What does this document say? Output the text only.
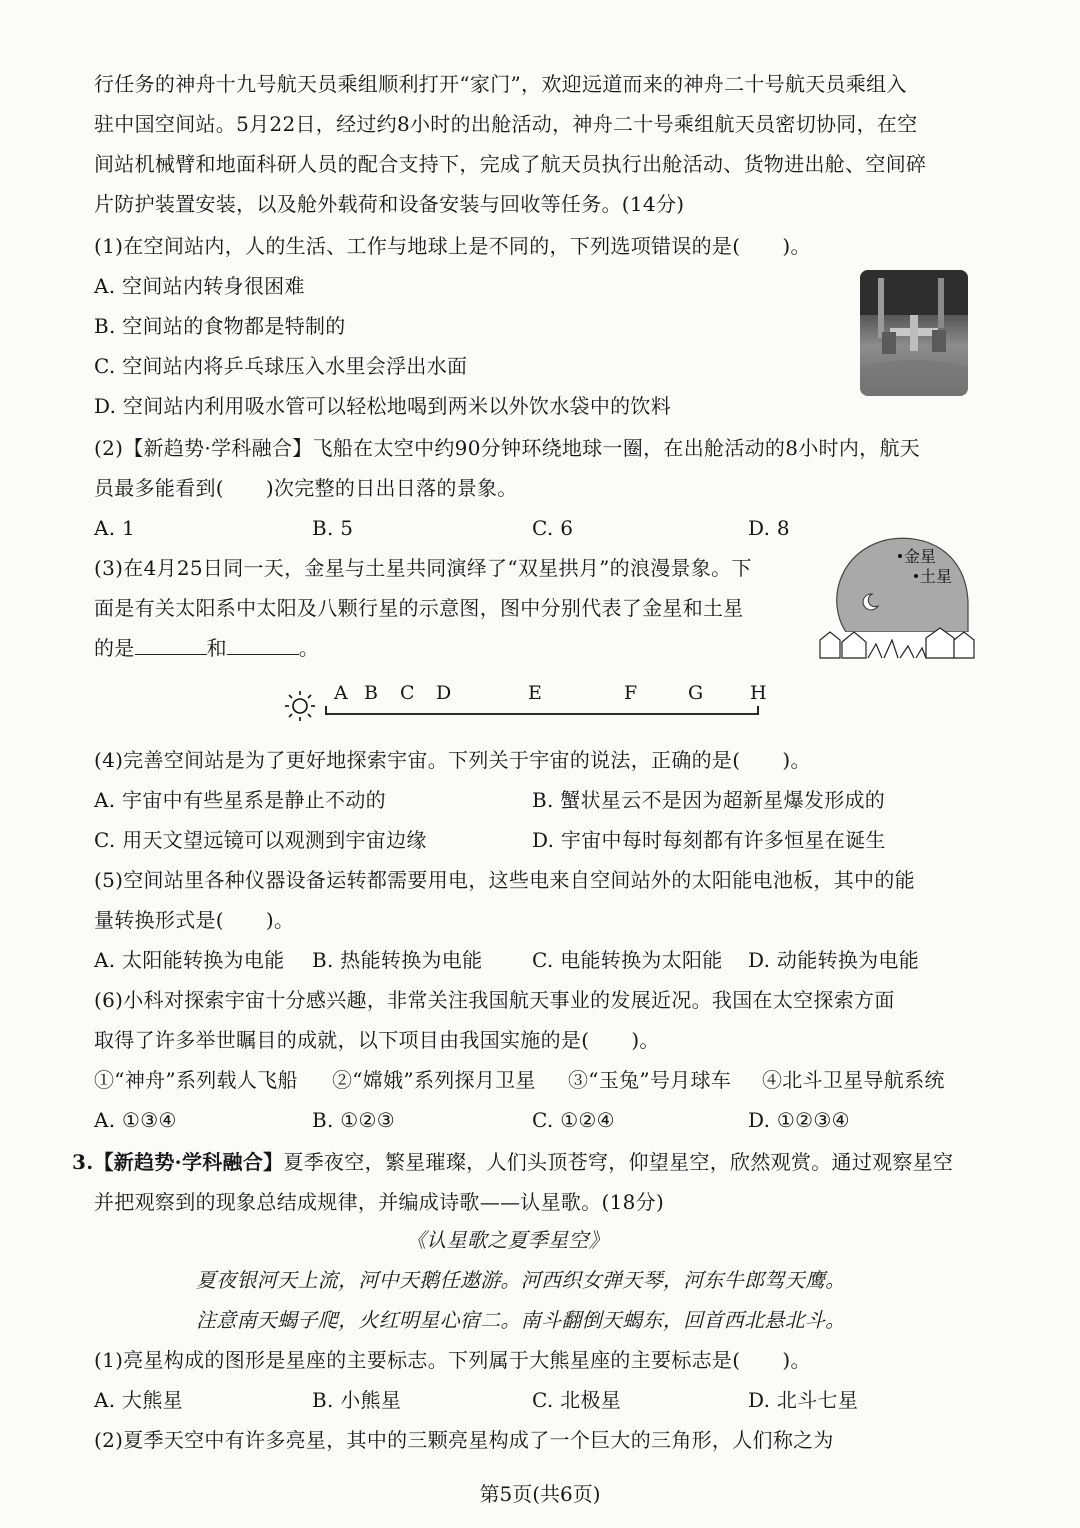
行任务的神舟十九号航天员乘组顺利打开“家门”，欢迎远道而来的神舟二十号航天员乘组入
驻中国空间站。5月22日，经过约8小时的出舱活动，神舟二十号乘组航天员密切协同，在空
间站机械臂和地面科研人员的配合支持下，完成了航天员执行出舱活动、货物进出舱、空间碎
片防护装置安装，以及舱外载荷和设备安装与回收等任务。(14分)
(1)在空间站内，人的生活、工作与地球上是不同的，下列选项错误的是( )。
A. 空间站内转身很困难
B. 空间站的食物都是特制的
C. 空间站内将乒乓球压入水里会浮出水面
D. 空间站内利用吸水管可以轻松地喝到两米以外饮水袋中的饮料
(2)【新趋势·学科融合】飞船在太空中约90分钟环绕地球一圈，在出舱活动的8小时内，航天
员最多能看到( )次完整的日出日落的景象。
A. 1	B. 5	C. 6	D. 8
(3)在4月25日同一天，金星与土星共同演绎了“双星拱月”的浪漫景象。下
面是有关太阳系中太阳及八颗行星的示意图，图中分别代表了金星和土星
的是	和	。
金星
土星
A B C D	E	F	G H
(4)完善空间站是为了更好地探索宇宙。下列关于宇宙的说法，正确的是( )。
A. 宇宙中有些星系是静止不动的	B. 蟹状星云不是因为超新星爆发形成的
C. 用天文望远镜可以观测到宇宙边缘	D. 宇宙中每时每刻都有许多恒星在诞生
(5)空间站里各种仪器设备运转都需要用电，这些电来自空间站外的太阳能电池板，其中的能
量转换形式是( )。
A. 太阳能转换为电能 B. 热能转换为电能 C. 电能转换为太阳能 D. 动能转换为电能
(6)小科对探索宇宙十分感兴趣，非常关注我国航天事业的发展近况。我国在太空探索方面
取得了许多举世瞩目的成就，以下项目由我国实施的是( )。
①“神舟”系列载人飞船 ②“嫦娥”系列探月卫星 ③“玉兔”号月球车 ④北斗卫星导航系统
A. ①③④	B. ①②③	C. ①②④	D. ①②③④
3.【新趋势·学科融合】夏季夜空，繁星璀璨，人们头顶苍穹，仰望星空，欣然观赏。通过观察星空
并把观察到的现象总结成规律，并编成诗歌——认星歌。(18分)
《认星歌之夏季星空》
夏夜银河天上流，河中天鹅任遨游。河西织女弹天琴，河东牛郎驾天鹰。
注意南天蝎子爬，火红明星心宿二。南斗翻倒天蝎东，回首西北悬北斗。
(1)亮星构成的图形是星座的主要标志。下列属于大熊星座的主要标志是( )。
A. 大熊星	B. 小熊星	C. 北极星	D. 北斗七星
(2)夏季天空中有许多亮星，其中的三颗亮星构成了一个巨大的三角形，人们称之为
第5页(共6页)
